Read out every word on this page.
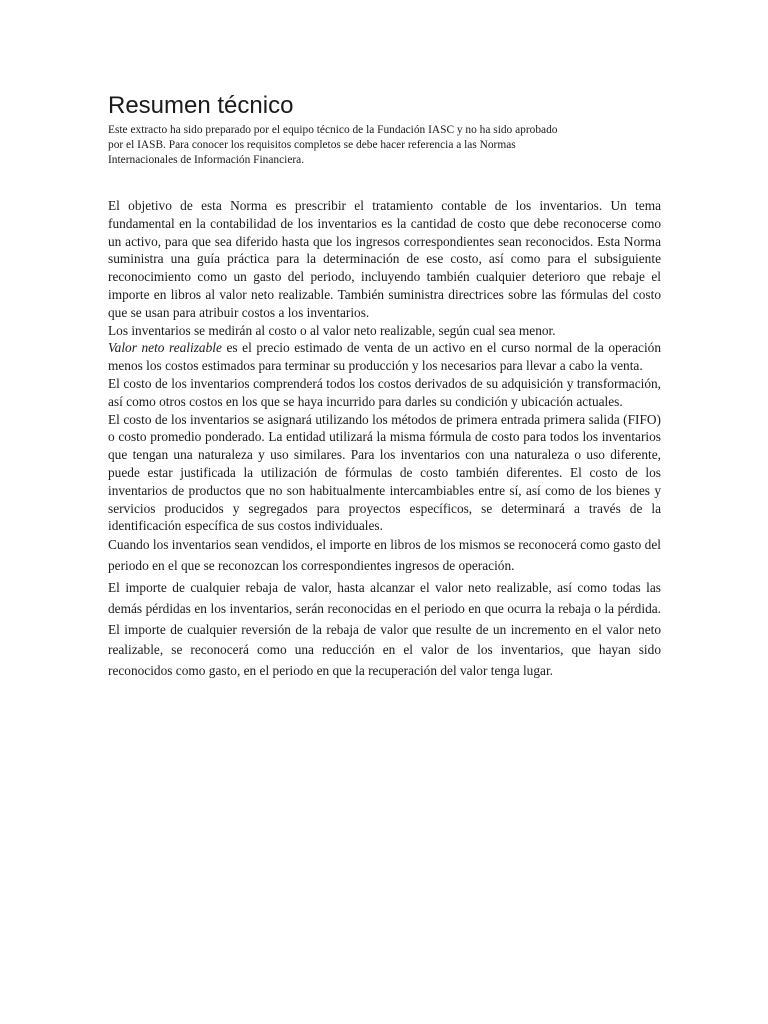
Resumen técnico
Este extracto ha sido preparado por el equipo técnico de la Fundación IASC y no ha sido aprobado
por el IASB. Para conocer los requisitos completos se debe hacer referencia a las Normas
Internacionales de Información Financiera.

El objetivo de esta Norma es prescribir el tratamiento contable de los inventarios. Un tema fundamental en la contabilidad de los inventarios es la cantidad de costo que debe reconocerse como un activo, para que sea diferido hasta que los ingresos correspondientes sean reconocidos. Esta Norma suministra una guía práctica para la determinación de ese costo, así como para el subsiguiente reconocimiento como un gasto del periodo, incluyendo también cualquier deterioro que rebaje el importe en libros al valor neto realizable. También suministra directrices sobre las fórmulas del costo que se usan para atribuir costos a los inventarios.

Los inventarios se medirán al costo o al valor neto realizable, según cual sea menor.

Valor neto realizable es el precio estimado de venta de un activo en el curso normal de la operación menos los costos estimados para terminar su producción y los necesarios para llevar a cabo la venta.

El costo de los inventarios comprenderá todos los costos derivados de su adquisición y transformación, así como otros costos en los que se haya incurrido para darles su condición y ubicación actuales.

El costo de los inventarios se asignará utilizando los métodos de primera entrada primera salida (FIFO) o costo promedio ponderado. La entidad utilizará la misma fórmula de costo para todos los inventarios que tengan una naturaleza y uso similares. Para los inventarios con una naturaleza o uso diferente, puede estar justificada la utilización de fórmulas de costo también diferentes. El costo de los inventarios de productos que no son habitualmente intercambiables entre sí, así como de los bienes y servicios producidos y segregados para proyectos específicos, se determinará a través de la identificación específica de sus costos individuales.

Cuando los inventarios sean vendidos, el importe en libros de los mismos se reconocerá como gasto del periodo en el que se reconozcan los correspondientes ingresos de operación.

El importe de cualquier rebaja de valor, hasta alcanzar el valor neto realizable, así como todas las demás pérdidas en los inventarios, serán reconocidas en el periodo en que ocurra la rebaja o la pérdida. El importe de cualquier reversión de la rebaja de valor que resulte de un incremento en el valor neto realizable, se reconocerá como una reducción en el valor de los inventarios, que hayan sido reconocidos como gasto, en el periodo en que la recuperación del valor tenga lugar.
